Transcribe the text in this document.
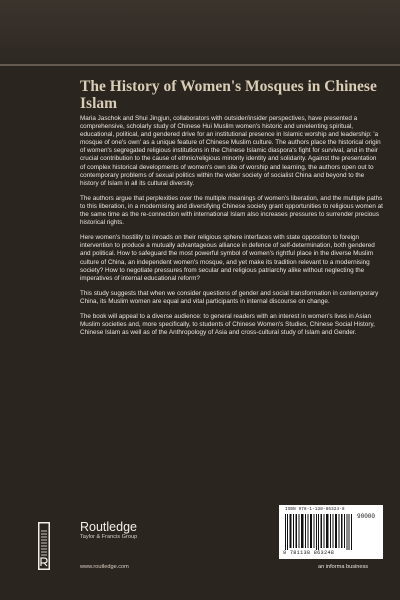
The History of Women's Mosques in Chinese Islam

Maria Jaschok and Shui Jingjun, collaborators with outsider/insider perspectives, have presented a comprehensive, scholarly study of Chinese Hui Muslim women's historic and unrelenting spiritual, educational, political, and gendered drive for an institutional presence in Islamic worship and leadership: 'a mosque of one's own' as a unique feature of Chinese Muslim culture. The authors place the historical origin of women's segregated religious institutions in the Chinese Islamic diaspora's fight for survival, and in their crucial contribution to the cause of ethnic/religious minority identity and solidarity. Against the presentation of complex historical developments of women's own site of worship and learning, the authors open out to contemporary problems of sexual politics within the wider society of socialist China and beyond to the history of Islam in all its cultural diversity.

The authors argue that perplexities over the multiple meanings of women's liberation, and the multiple paths to this liberation, in a modernising and diversifying Chinese society grant opportunities to religious women at the same time as the re-connection with international Islam also increases pressures to surrender precious historical rights.

Here women's hostility to inroads on their religious sphere interfaces with state opposition to foreign intervention to produce a mutually advantageous alliance in defence of self-determination, both gendered and political. How to safeguard the most powerful symbol of women's rightful place in the diverse Muslim culture of China, an independent women's mosque, and yet make its tradition relevant to a modernising society? How to negotiate pressures from secular and religious patriarchy alike without neglecting the imperatives of internal educational reform?

This study suggests that when we consider questions of gender and social transformation in contemporary China, its Muslim women are equal and vital participants in internal discourse on change.

The book will appeal to a diverse audience: to general readers with an interest in women's lives in Asian Muslim societies and, more specifically, to students of Chinese Women's Studies, Chinese Social History, Chinese Islam as well as of the Anthropology of Asia and cross-cultural study of Islam and Gender.

Routledge
Taylor & Francis Group
www.routledge.com
ISBN 978-1-138-86324-8
90000
9 781138 863248
an informa business
